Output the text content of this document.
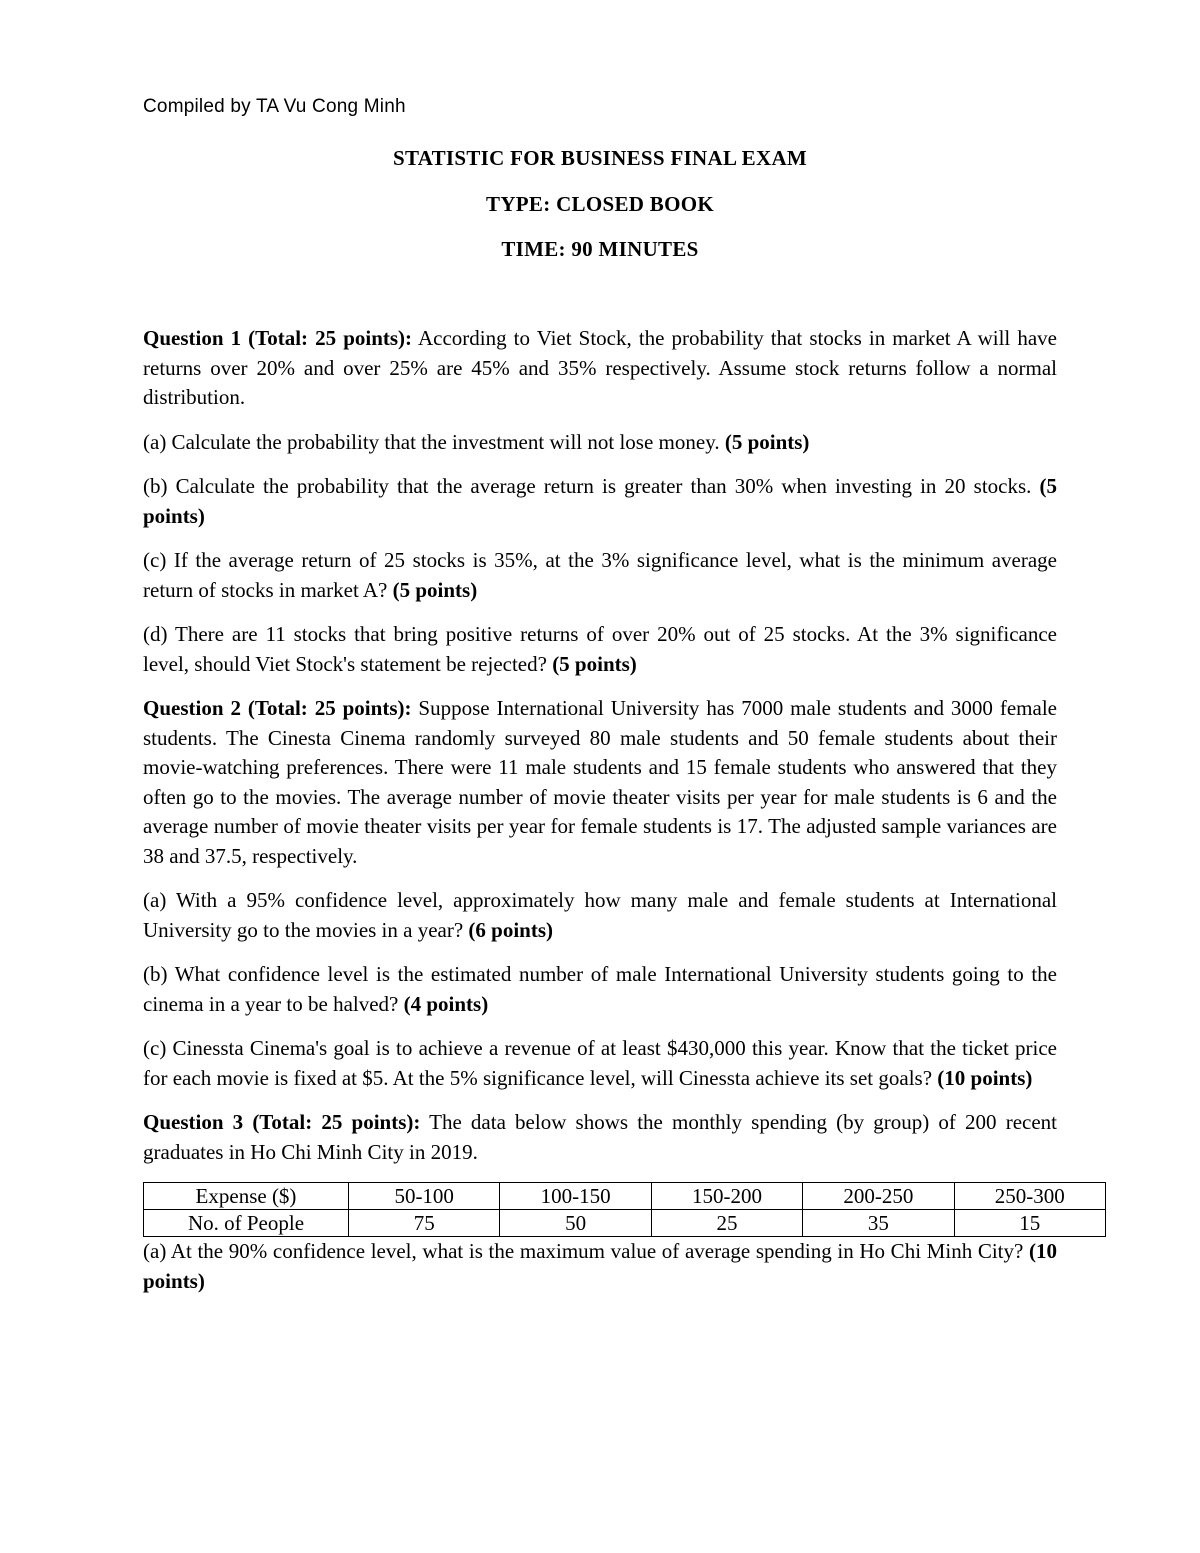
Compiled by TA Vu Cong Minh
STATISTIC FOR BUSINESS FINAL EXAM
TYPE: CLOSED BOOK
TIME: 90 MINUTES

Question 1 (Total: 25 points): According to Viet Stock, the probability that stocks in market A will have returns over 20% and over 25% are 45% and 35% respectively. Assume stock returns follow a normal distribution.

(a) Calculate the probability that the investment will not lose money. (5 points)

(b) Calculate the probability that the average return is greater than 30% when investing in 20 stocks. (5 points)

(c) If the average return of 25 stocks is 35%, at the 3% significance level, what is the minimum average return of stocks in market A? (5 points)

(d) There are 11 stocks that bring positive returns of over 20% out of 25 stocks. At the 3% significance level, should Viet Stock's statement be rejected? (5 points)

Question 2 (Total: 25 points): Suppose International University has 7000 male students and 3000 female students. The Cinesta Cinema randomly surveyed 80 male students and 50 female students about their movie-watching preferences. There were 11 male students and 15 female students who answered that they often go to the movies. The average number of movie theater visits per year for male students is 6 and the average number of movie theater visits per year for female students is 17. The adjusted sample variances are 38 and 37.5, respectively.

(a) With a 95% confidence level, approximately how many male and female students at International University go to the movies in a year? (6 points)

(b) What confidence level is the estimated number of male International University students going to the cinema in a year to be halved? (4 points)

(c) Cinessta Cinema's goal is to achieve a revenue of at least $430,000 this year. Know that the ticket price for each movie is fixed at $5. At the 5% significance level, will Cinessta achieve its set goals? (10 points)

Question 3 (Total: 25 points): The data below shows the monthly spending (by group) of 200 recent graduates in Ho Chi Minh City in 2019.

Expense ($)	50-100	100-150	150-200	200-250	250-300
No. of People	75	50	25	35	15

(a) At the 90% confidence level, what is the maximum value of average spending in Ho Chi Minh City? (10 points)
